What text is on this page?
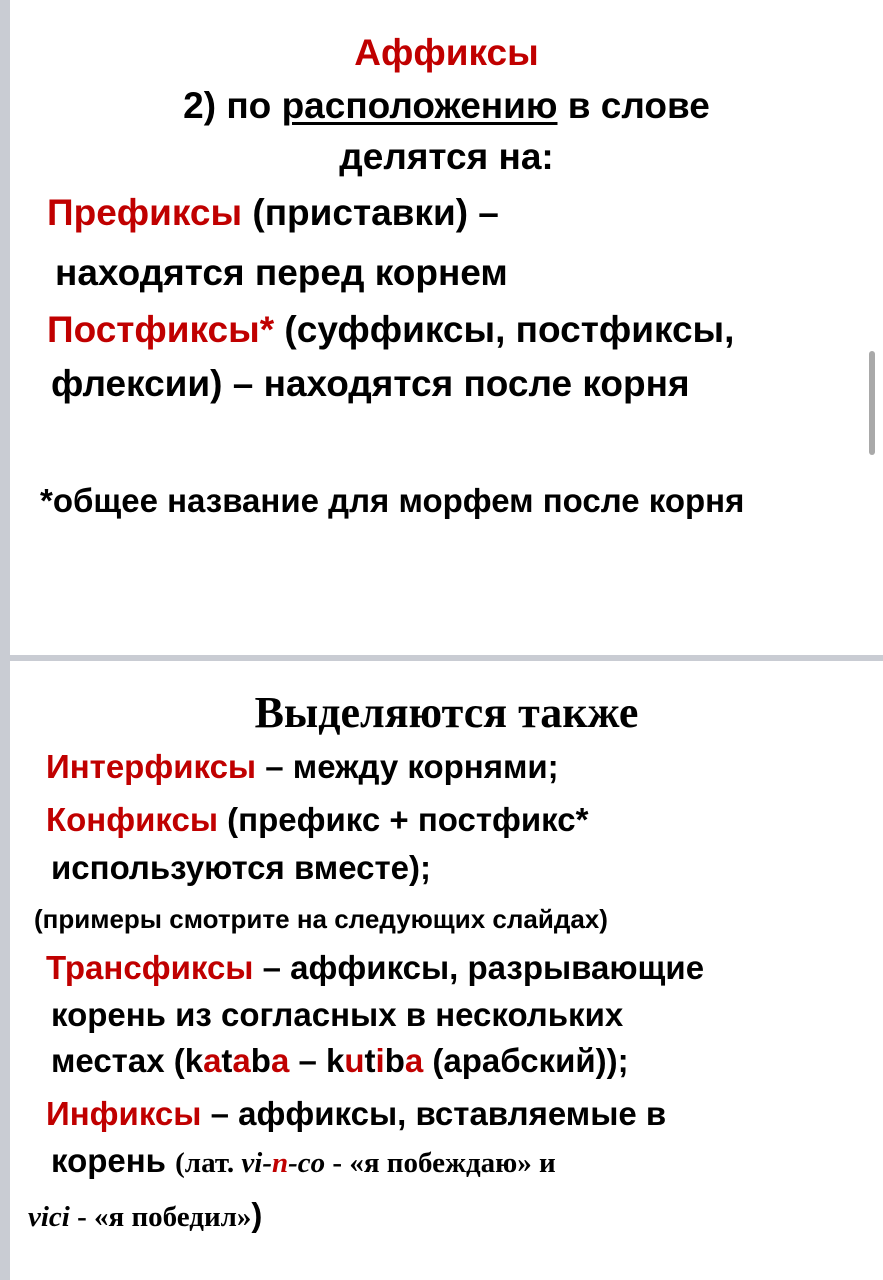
Аффиксы
2) по расположению в слове
делятся на:
Префиксы (приставки) –
находятся перед корнем
Постфиксы* (суффиксы, постфиксы,
флексии) – находятся после корня
*общее название для морфем после корня
Выделяются также
Интерфиксы – между корнями;
Конфиксы (префикс + постфикс*
используются вместе);
(примеры смотрите на следующих слайдах)
Трансфиксы – аффиксы, разрывающие
корень из согласных в нескольких
местах (kataba – kutiba (арабский));
Инфиксы – аффиксы, вставляемые в
корень (лат. vi-n-co - «я побеждаю» и
vici - «я победил»)
